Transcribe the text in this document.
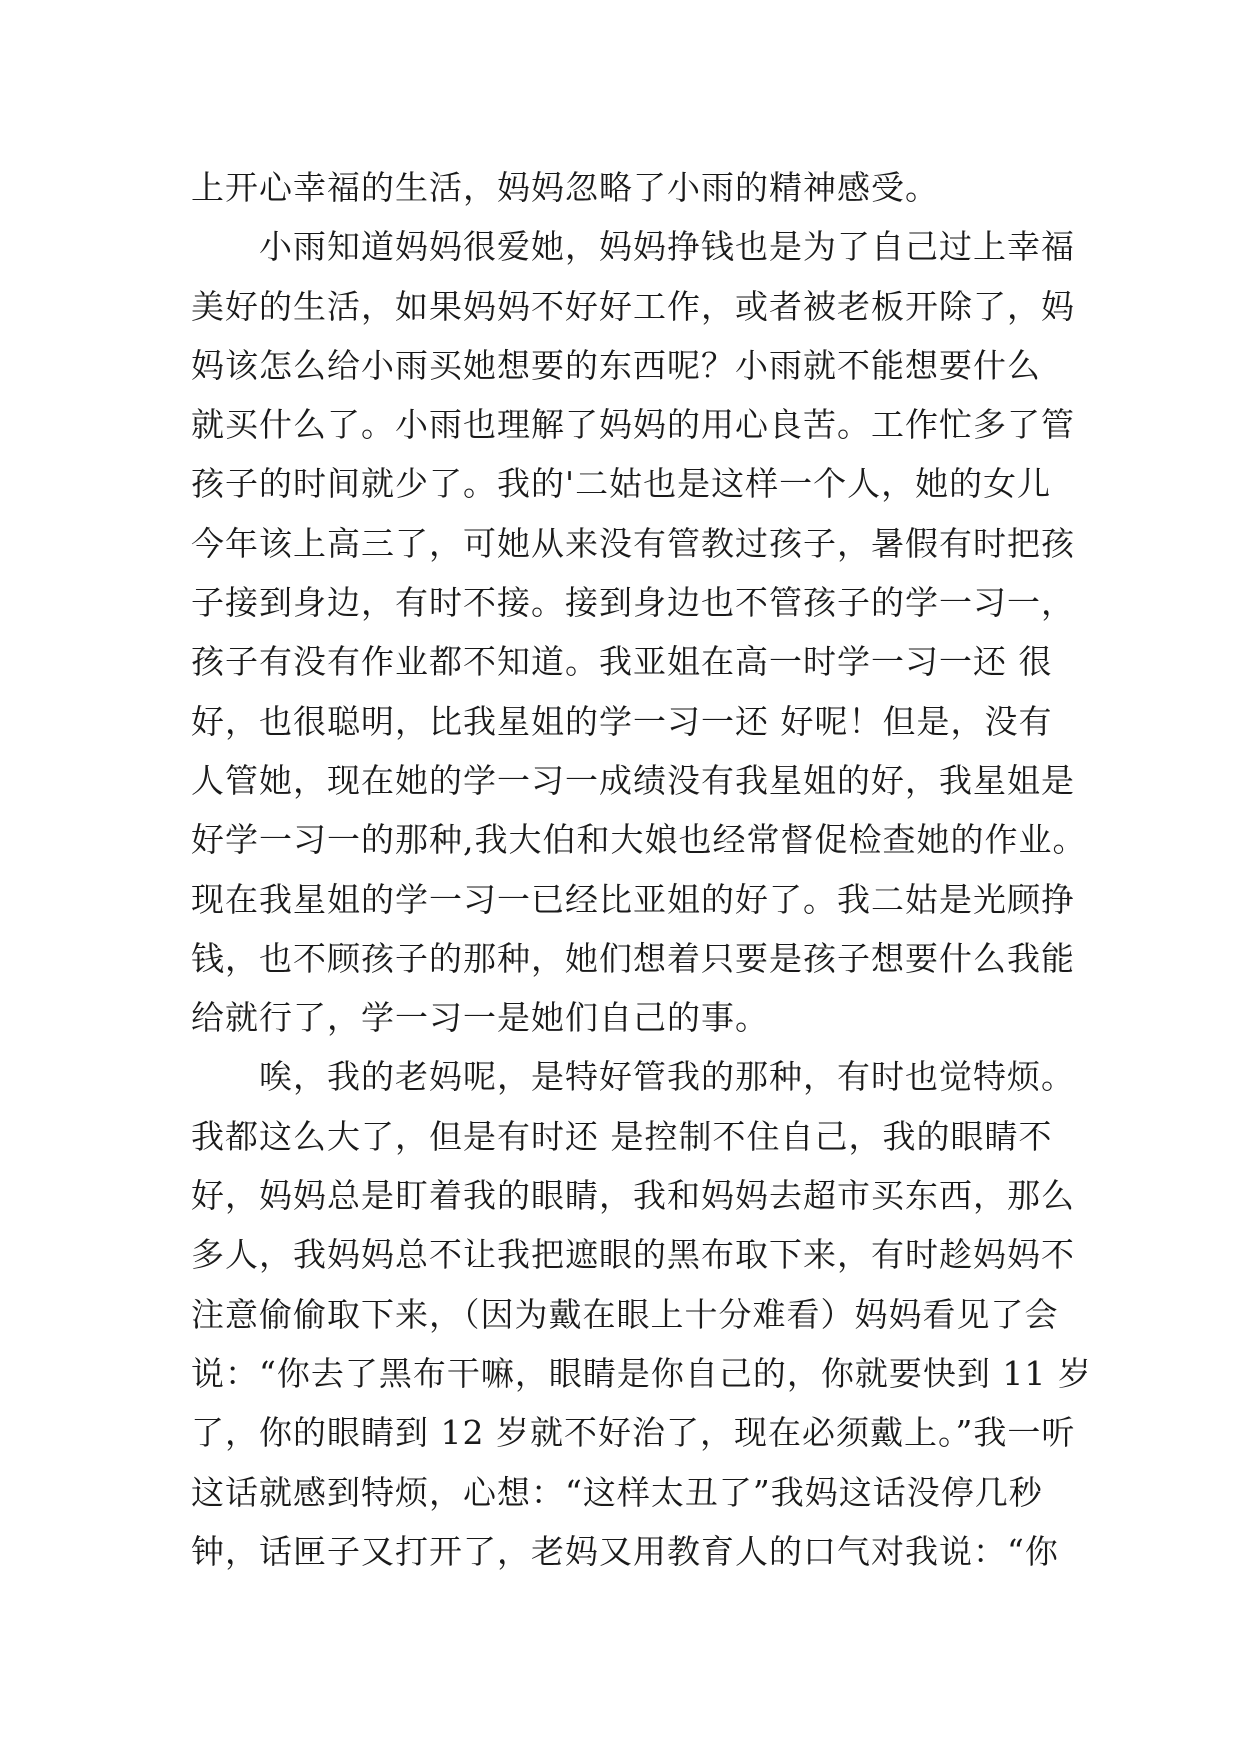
上开心幸福的生活，妈妈忽略了小雨的精神感受。

小雨知道妈妈很爱她，妈妈挣钱也是为了自己过上幸福

美好的生活，如果妈妈不好好工作，或者被老板开除了，妈

妈该怎么给小雨买她想要的东西呢？小雨就不能想要什么

就买什么了。小雨也理解了妈妈的用心良苦。工作忙多了管

孩子的时间就少了。我的'二姑也是这样一个人，她的女儿

今年该上高三了，可她从来没有管教过孩子，暑假有时把孩

子接到身边，有时不接。接到身边也不管孩子的学一习一，

孩子有没有作业都不知道。我亚姐在高一时学一习一还 很

好，也很聪明，比我星姐的学一习一还 好呢！但是，没有

人管她，现在她的学一习一成绩没有我星姐的好，我星姐是

好学一习一的那种,我大伯和大娘也经常督促检查她的作业。

现在我星姐的学一习一已经比亚姐的好了。我二姑是光顾挣

钱，也不顾孩子的那种，她们想着只要是孩子想要什么我能

给就行了，学一习一是她们自己的事。

唉，我的老妈呢，是特好管我的那种，有时也觉特烦。

我都这么大了，但是有时还 是控制不住自己，我的眼睛不

好，妈妈总是盯着我的眼睛，我和妈妈去超市买东西，那么

多人，我妈妈总不让我把遮眼的黑布取下来，有时趁妈妈不

注意偷偷取下来，（因为戴在眼上十分难看）妈妈看见了会

说：“你去了黑布干嘛，眼睛是你自己的，你就要快到 11 岁

了，你的眼睛到 12 岁就不好治了，现在必须戴上。”我一听

这话就感到特烦，心想：“这样太丑了”我妈这话没停几秒

钟，话匣子又打开了，老妈又用教育人的口气对我说：“你
